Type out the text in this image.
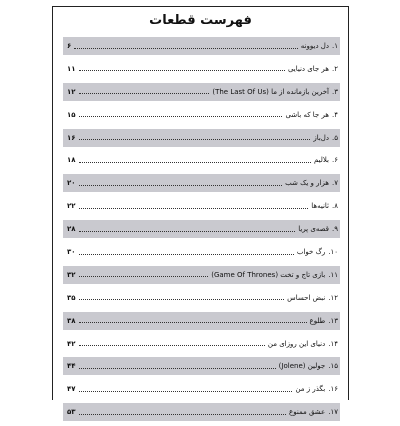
فهرست قطعات
۱.
دل دیوونه
۶
۲.
هر جای دنیایی
۱۱
۳.
آخرین بازمانده از ما (The Last Of Us)
۱۲
۴.
هر جا که باشی
۱۵
۵.
دل‌باز
۱۶
۶.
بلالیم
۱۸
۷.
هزار و یک شب
۲۰
۸.
ثانیه‌ها
۲۲
۹.
قصه‌ی پریا
۲۸
۱۰.
رگ خواب
۳۰
۱۱.
بازی تاج و تخت (Game Of Thrones)
۳۲
۱۲.
نبض احساس
۳۵
۱۳.
طلوع
۳۸
۱۴.
دنیای این روزای من
۴۲
۱۵.
جولین (Jolene)
۴۴
۱۶.
بگذر ز من
۴۷
۱۷.
عشق ممنوع
۵۳
